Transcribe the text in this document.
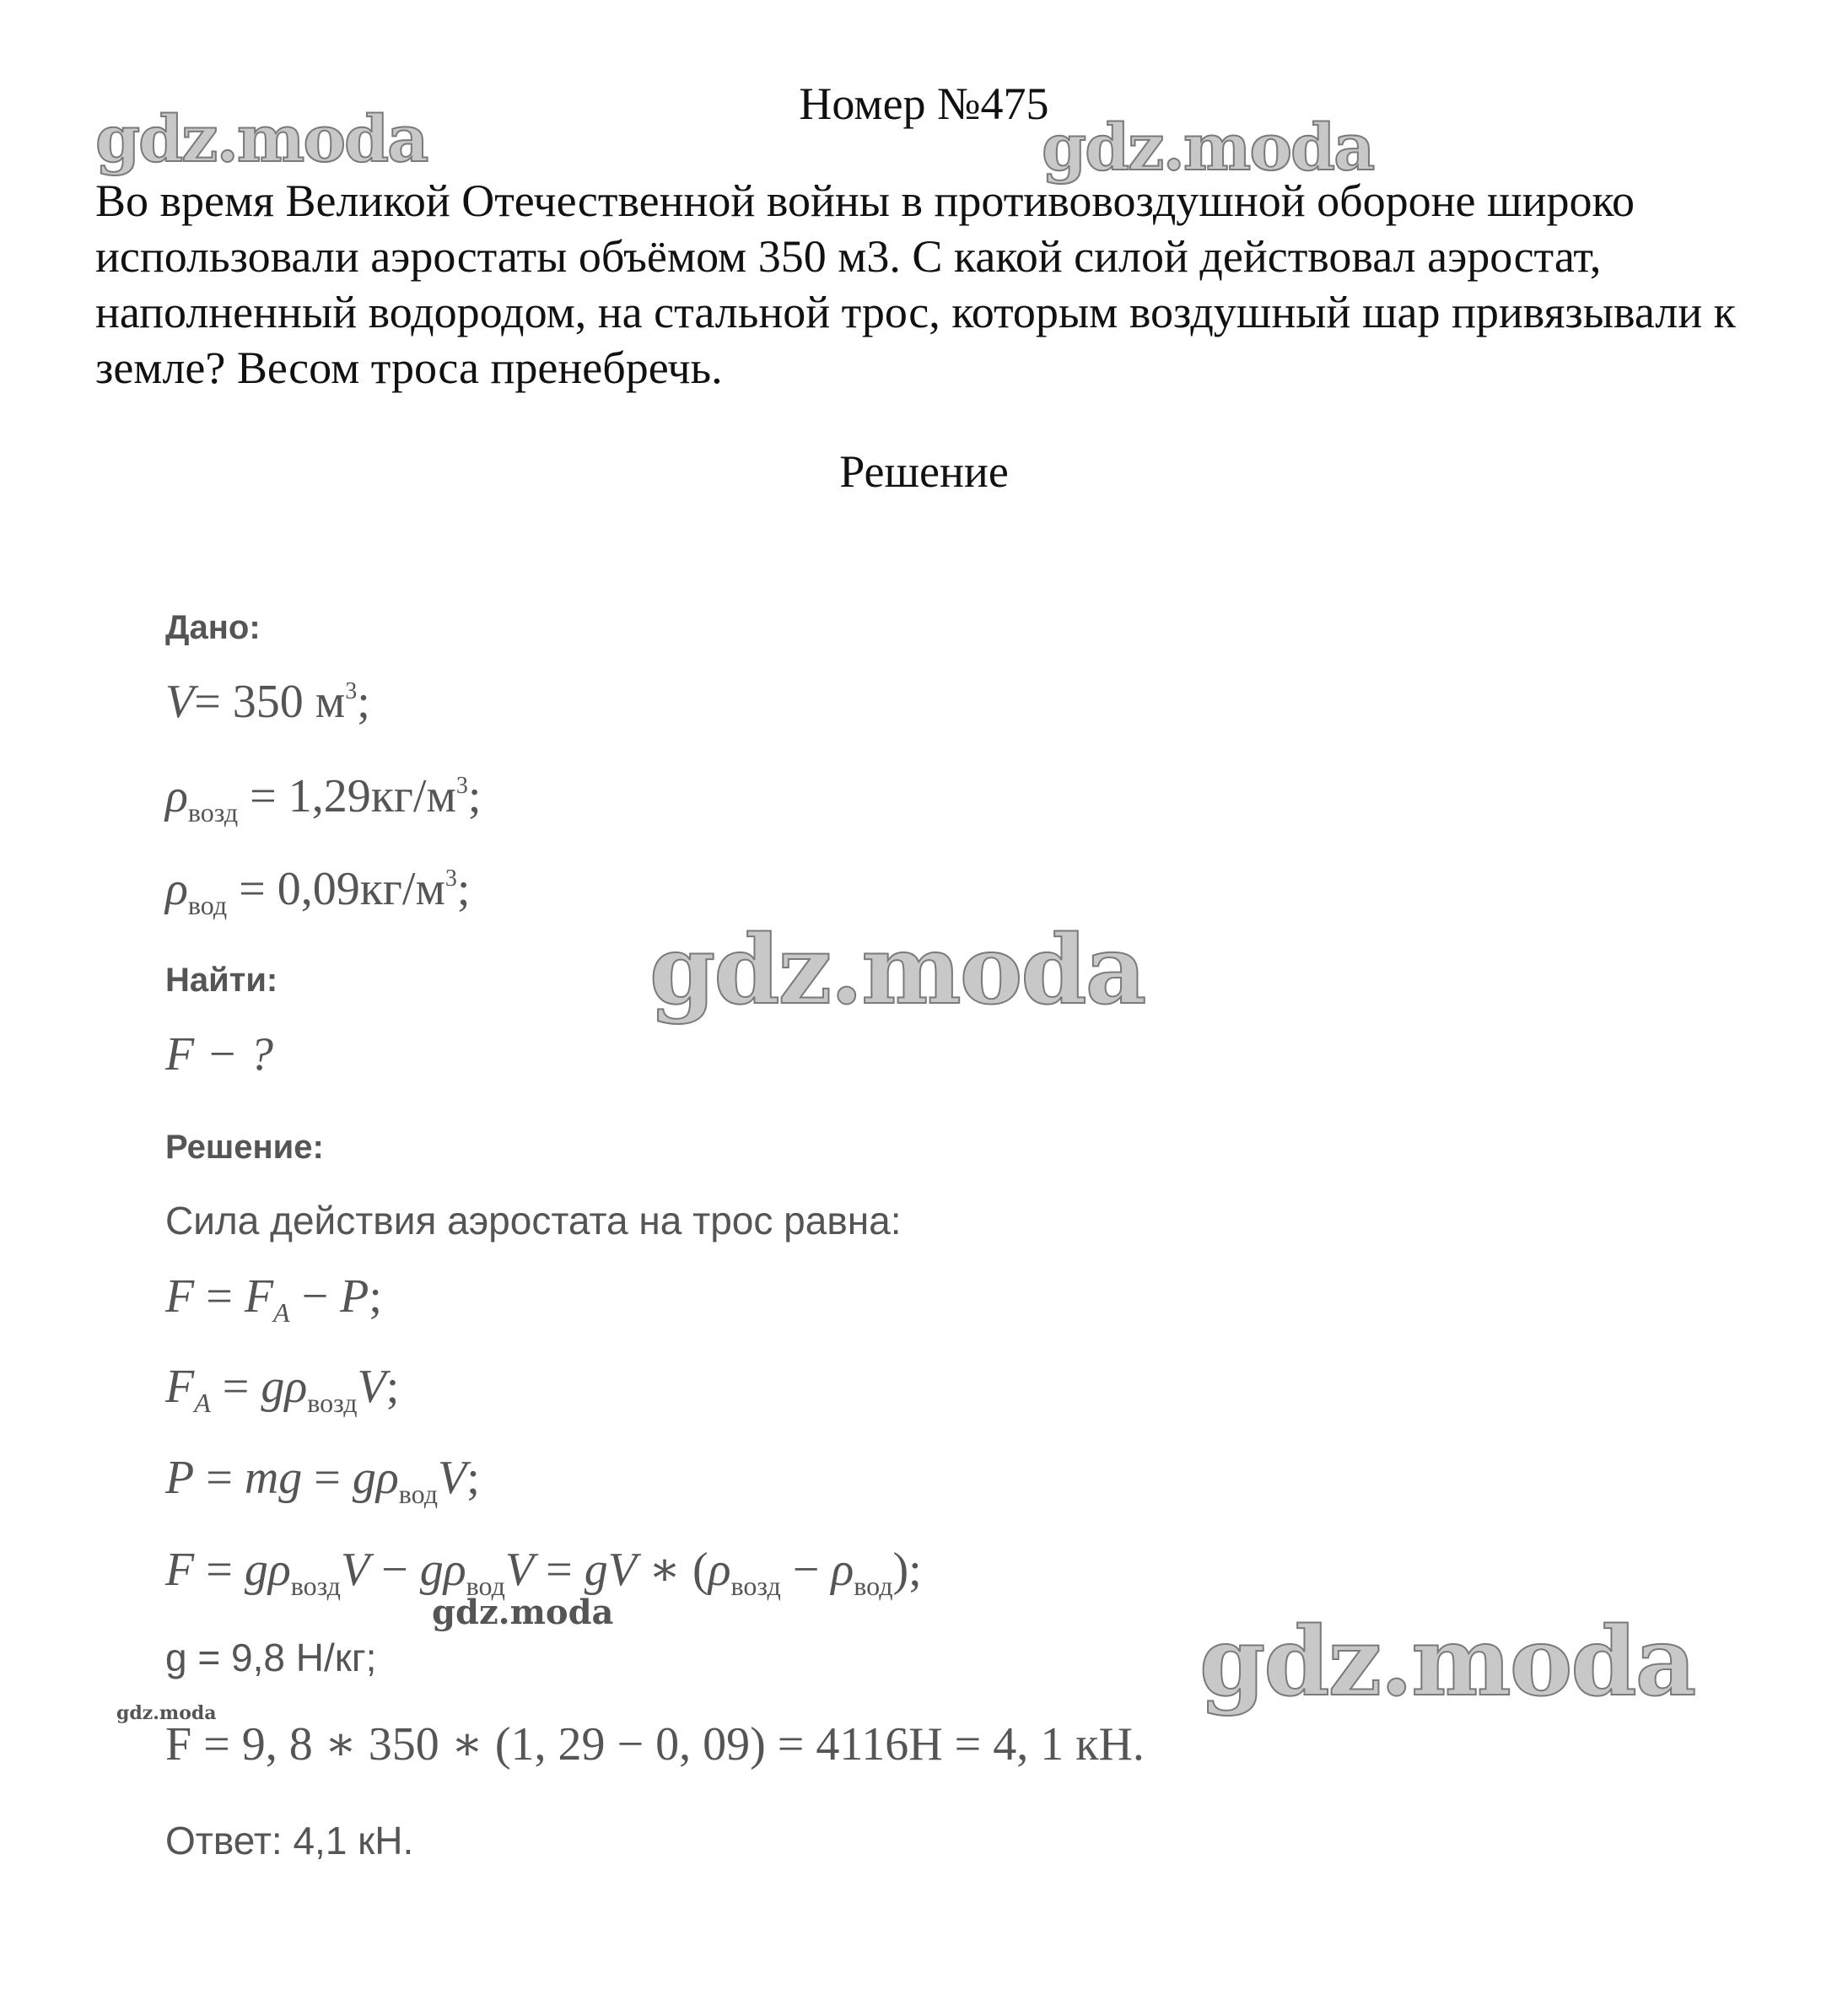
gdz.moda	gdz.moda
gdz.moda
gdz.moda	gdz.moda
gdz.moda
Номер №475

Во время Великой Отечественной войны в противовоздушной обороне широко использовали аэростаты объёмом 350 м3. С какой силой действовал аэростат, наполненный водородом, на стальной трос, которым воздушный шар привязывали к земле? Весом троса пренебречь.

Решение
Дано:
V= 350 $м^3$;
$\rho_{возд} = 1,29кг/м^3$;
$\rho_{вод} = 0,09кг/м^3$;
Найти:
F − ?
Решение:
Сила действия аэростата на трос равна:
$F = F_A - P$;
$F_A = g\rho_{возд}V$;
P = mg = $g\rho_{вод}V$;
$F = g\rho_{возд}V - g\rho_{вод}V$ = gV ∗ $(\rho_{возд} - \rho_{вод})$;
g = 9,8 Н/кг;
F = 9, 8 ∗ 350 ∗ (1, 29 − 0, 09) = 4116Н = 4, 1 кН.
Ответ: 4,1 кН.
